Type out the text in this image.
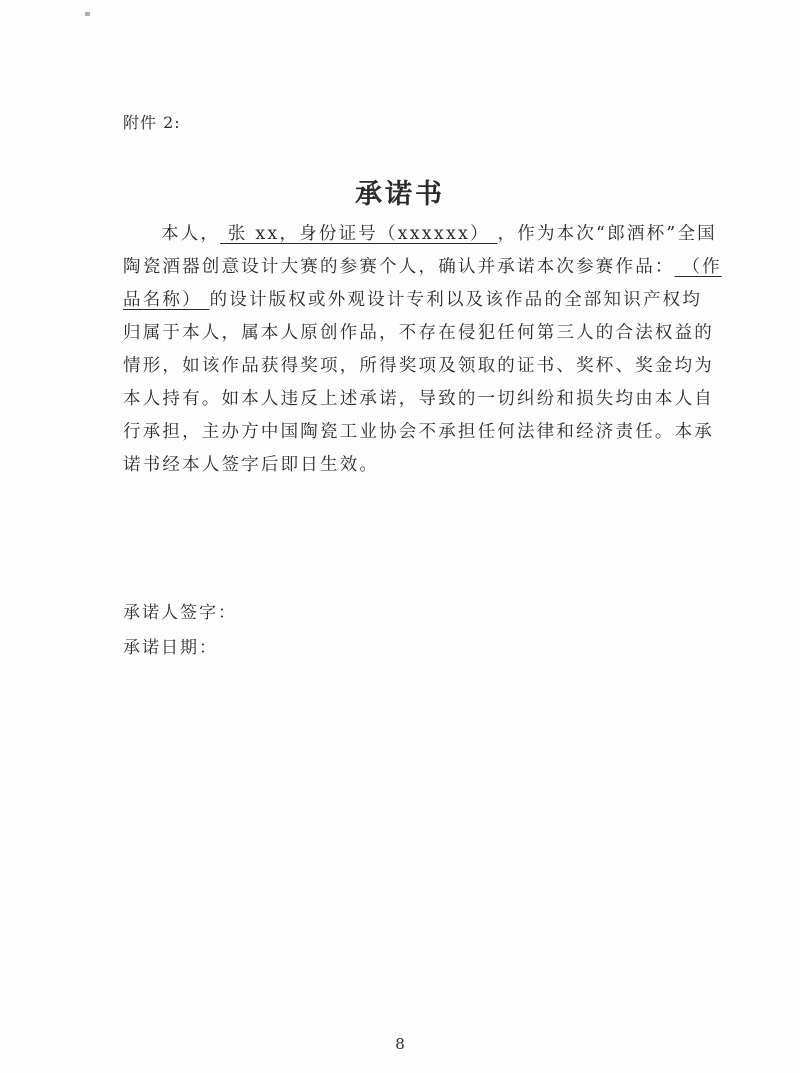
附件 2:
承诺书
本人， 张 xx，身份证号（xxxxxx） ，作为本次“郎酒杯”全国
陶瓷酒器创意设计大赛的参赛个人，确认并承诺本次参赛作品： （作
品名称） 的设计版权或外观设计专利以及该作品的全部知识产权均
归属于本人，属本人原创作品，不存在侵犯任何第三人的合法权益的
情形，如该作品获得奖项，所得奖项及领取的证书、奖杯、奖金均为
本人持有。如本人违反上述承诺，导致的一切纠纷和损失均由本人自
行承担，主办方中国陶瓷工业协会不承担任何法律和经济责任。本承
诺书经本人签字后即日生效。
承诺人签字：
承诺日期：
8
